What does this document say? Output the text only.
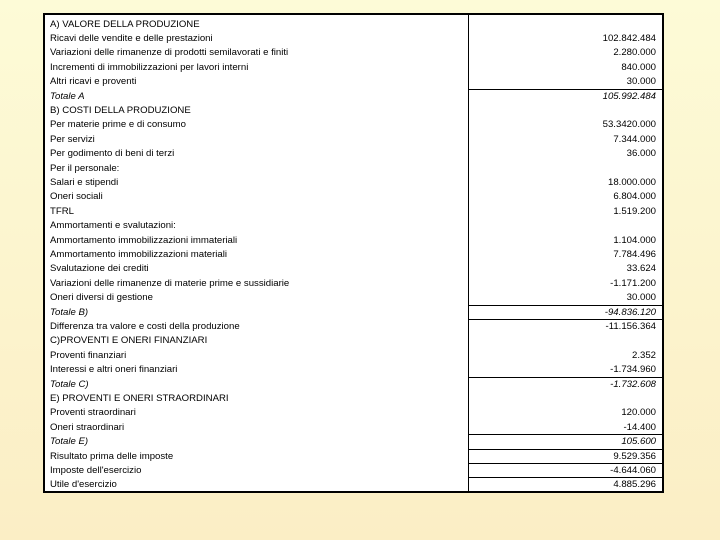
A) VALORE DELLA PRODUZIONE
Ricavi delle vendite e delle prestazioni	102.842.484
Variazioni delle rimanenze di prodotti semilavorati e finiti	2.280.000
Incrementi di immobilizzazioni per lavori interni	840.000
Altri ricavi e proventi	30.000
Totale A	105.992.484
B) COSTI DELLA PRODUZIONE
Per materie prime e di consumo	53.3420.000
Per servizi	7.344.000
Per godimento di beni di terzi	36.000
Per il personale:
Salari e stipendi	18.000.000
Oneri sociali	6.804.000
TFRL	1.519.200
Ammortamenti e svalutazioni:
Ammortamento immobilizzazioni immateriali	1.104.000
Ammortamento immobilizzazioni materiali	7.784.496
Svalutazione dei crediti	33.624
Variazioni delle rimanenze di materie prime e sussidiarie	-1.171.200
Oneri diversi di gestione	30.000
Totale B)	-94.836.120
Differenza tra valore e costi della produzione	-11.156.364
C)PROVENTI E ONERI FINANZIARI
Proventi finanziari	2.352
Interessi e altri oneri finanziari	-1.734.960
Totale C)	-1.732.608
E) PROVENTI E ONERI STRAORDINARI
Proventi straordinari	120.000
Oneri straordinari	-14.400
Totale E)	105.600
Risultato prima delle imposte	9.529.356
Imposte dell'esercizio	-4.644.060
Utile d'esercizio	4.885.296
